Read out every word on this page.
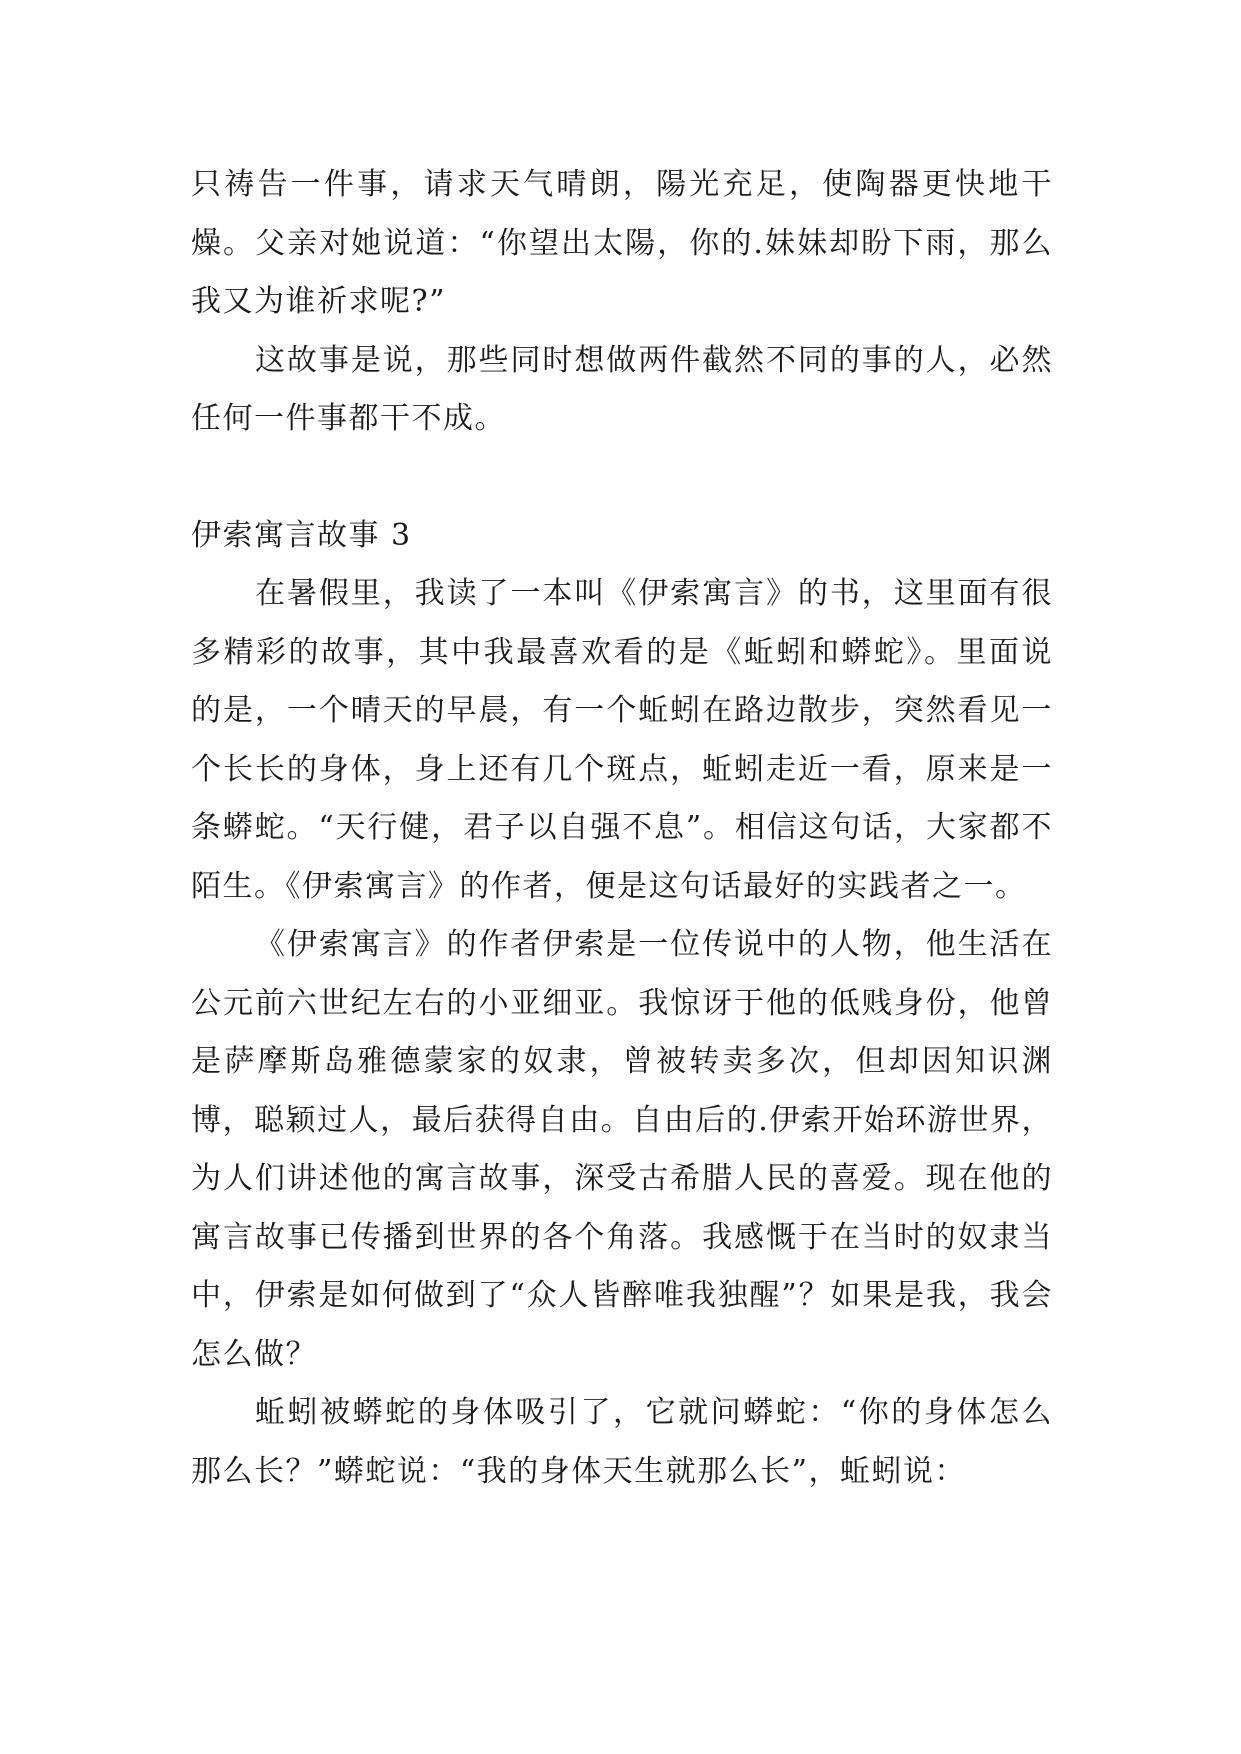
只祷告一件事，请求天气晴朗，陽光充足，使陶器更快地干燥。父亲对她说道：“你望出太陽，你的.妹妹却盼下雨，那么我又为谁祈求呢?”

这故事是说，那些同时想做两件截然不同的事的人，必然任何一件事都干不成。

伊索寓言故事 3

在暑假里，我读了一本叫《伊索寓言》的书，这里面有很多精彩的故事，其中我最喜欢看的是《蚯蚓和蟒蛇》。里面说的是，一个晴天的早晨，有一个蚯蚓在路边散步，突然看见一个长长的身体，身上还有几个斑点，蚯蚓走近一看，原来是一条蟒蛇。“天行健，君子以自强不息”。相信这句话，大家都不陌生。《伊索寓言》的作者，便是这句话最好的实践者之一。

《伊索寓言》的作者伊索是一位传说中的人物，他生活在公元前六世纪左右的小亚细亚。我惊讶于他的低贱身份，他曾是萨摩斯岛雅德蒙家的奴隶，曾被转卖多次，但却因知识渊博，聪颖过人，最后获得自由。自由后的.伊索开始环游世界，为人们讲述他的寓言故事，深受古希腊人民的喜爱。现在他的寓言故事已传播到世界的各个角落。我感慨于在当时的奴隶当中，伊索是如何做到了“众人皆醉唯我独醒”？如果是我，我会怎么做？

蚯蚓被蟒蛇的身体吸引了，它就问蟒蛇：“你的身体怎么那么长？”蟒蛇说：“我的身体天生就那么长”，蚯蚓说：
